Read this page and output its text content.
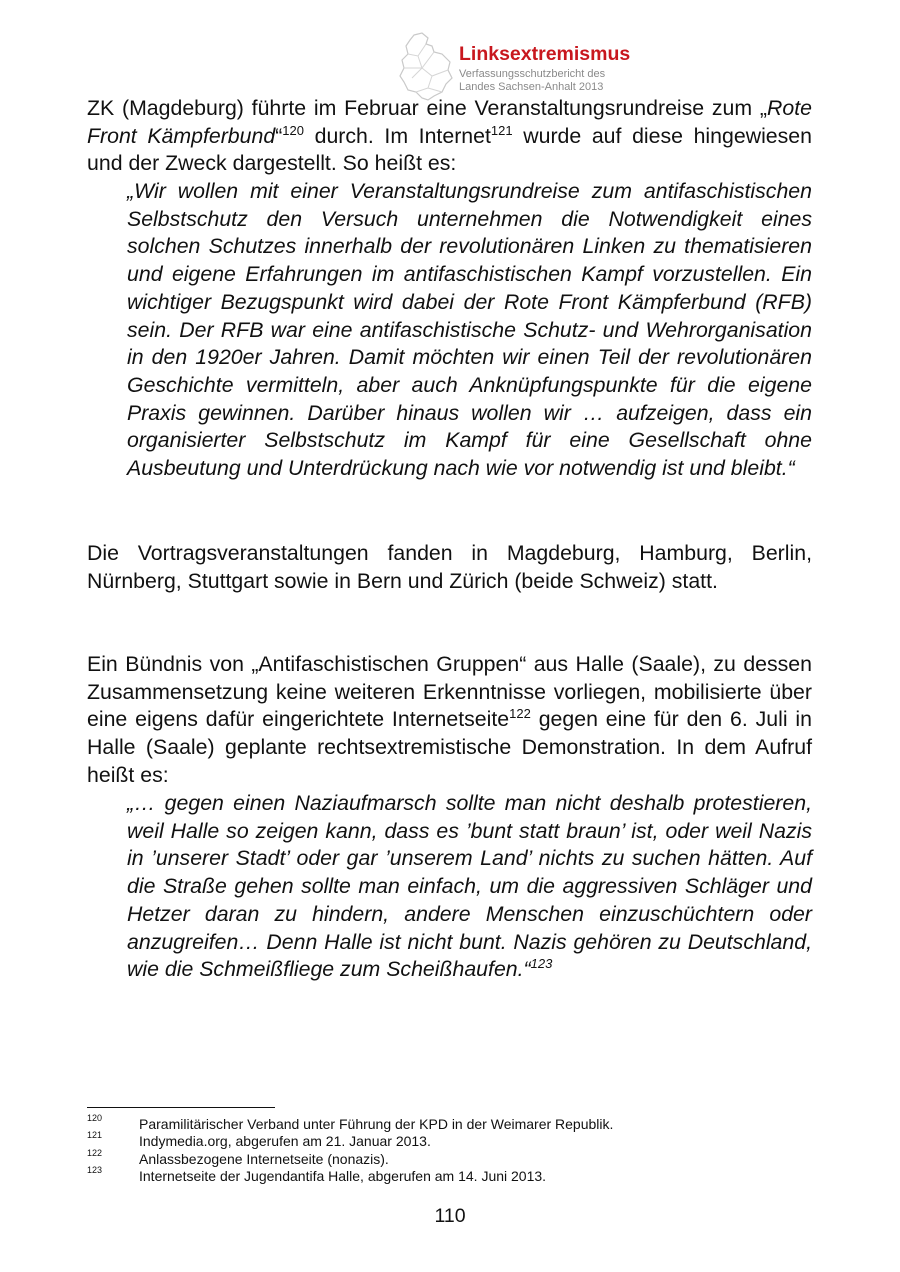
Linksextremismus
Verfassungsschutzbericht des
Landes Sachsen-Anhalt 2013

ZK (Magdeburg) führte im Februar eine Veranstaltungsrundreise zum „Rote Front Kämpferbund“$^{120}$ durch. Im Internet$^{121}$ wurde auf diese hingewiesen und der Zweck dargestellt. So heißt es:

„Wir wollen mit einer Veranstaltungsrundreise zum antifaschistischen Selbstschutz den Versuch unternehmen die Notwendigkeit eines solchen Schutzes innerhalb der revolutionären Linken zu thematisieren und eigene Erfahrungen im antifaschistischen Kampf vorzustellen. Ein wichtiger Bezugspunkt wird dabei der Rote Front Kämpferbund (RFB) sein. Der RFB war eine antifaschistische Schutz- und Wehrorganisation in den 1920er Jahren. Damit möchten wir einen Teil der revolutionären Geschichte vermitteln, aber auch Anknüpfungspunkte für die eigene Praxis gewinnen. Darüber hinaus wollen wir … aufzeigen, dass ein organisierter Selbstschutz im Kampf für eine Gesellschaft ohne Ausbeutung und Unterdrückung nach wie vor notwendig ist und bleibt.“

Die Vortragsveranstaltungen fanden in Magdeburg, Hamburg, Berlin, Nürnberg, Stuttgart sowie in Bern und Zürich (beide Schweiz) statt.

Ein Bündnis von „Antifaschistischen Gruppen“ aus Halle (Saale), zu dessen Zusammensetzung keine weiteren Erkenntnisse vorliegen, mobilisierte über eine eigens dafür eingerichtete Internetseite$^{122}$ gegen eine für den 6. Juli in Halle (Saale) geplante rechtsextremistische Demonstration. In dem Aufruf heißt es:

„… gegen einen Naziaufmarsch sollte man nicht deshalb protestieren, weil Halle so zeigen kann, dass es ’bunt statt braun’ ist, oder weil Nazis in ’unserer Stadt’ oder gar ’unserem Land’ nichts zu suchen hätten. Auf die Straße gehen sollte man einfach, um die aggressiven Schläger und Hetzer daran zu hindern, andere Menschen einzuschüchtern oder anzugreifen… Denn Halle ist nicht bunt. Nazis gehören zu Deutschland, wie die Schmeißfliege zum Scheißhaufen.“$^{123}$

120	Paramilitärischer Verband unter Führung der KPD in der Weimarer Republik.
121	Indymedia.org, abgerufen am 21. Januar 2013.
122	Anlassbezogene Internetseite (nonazis).
123	Internetseite der Jugendantifa Halle, abgerufen am 14. Juni 2013.
110
